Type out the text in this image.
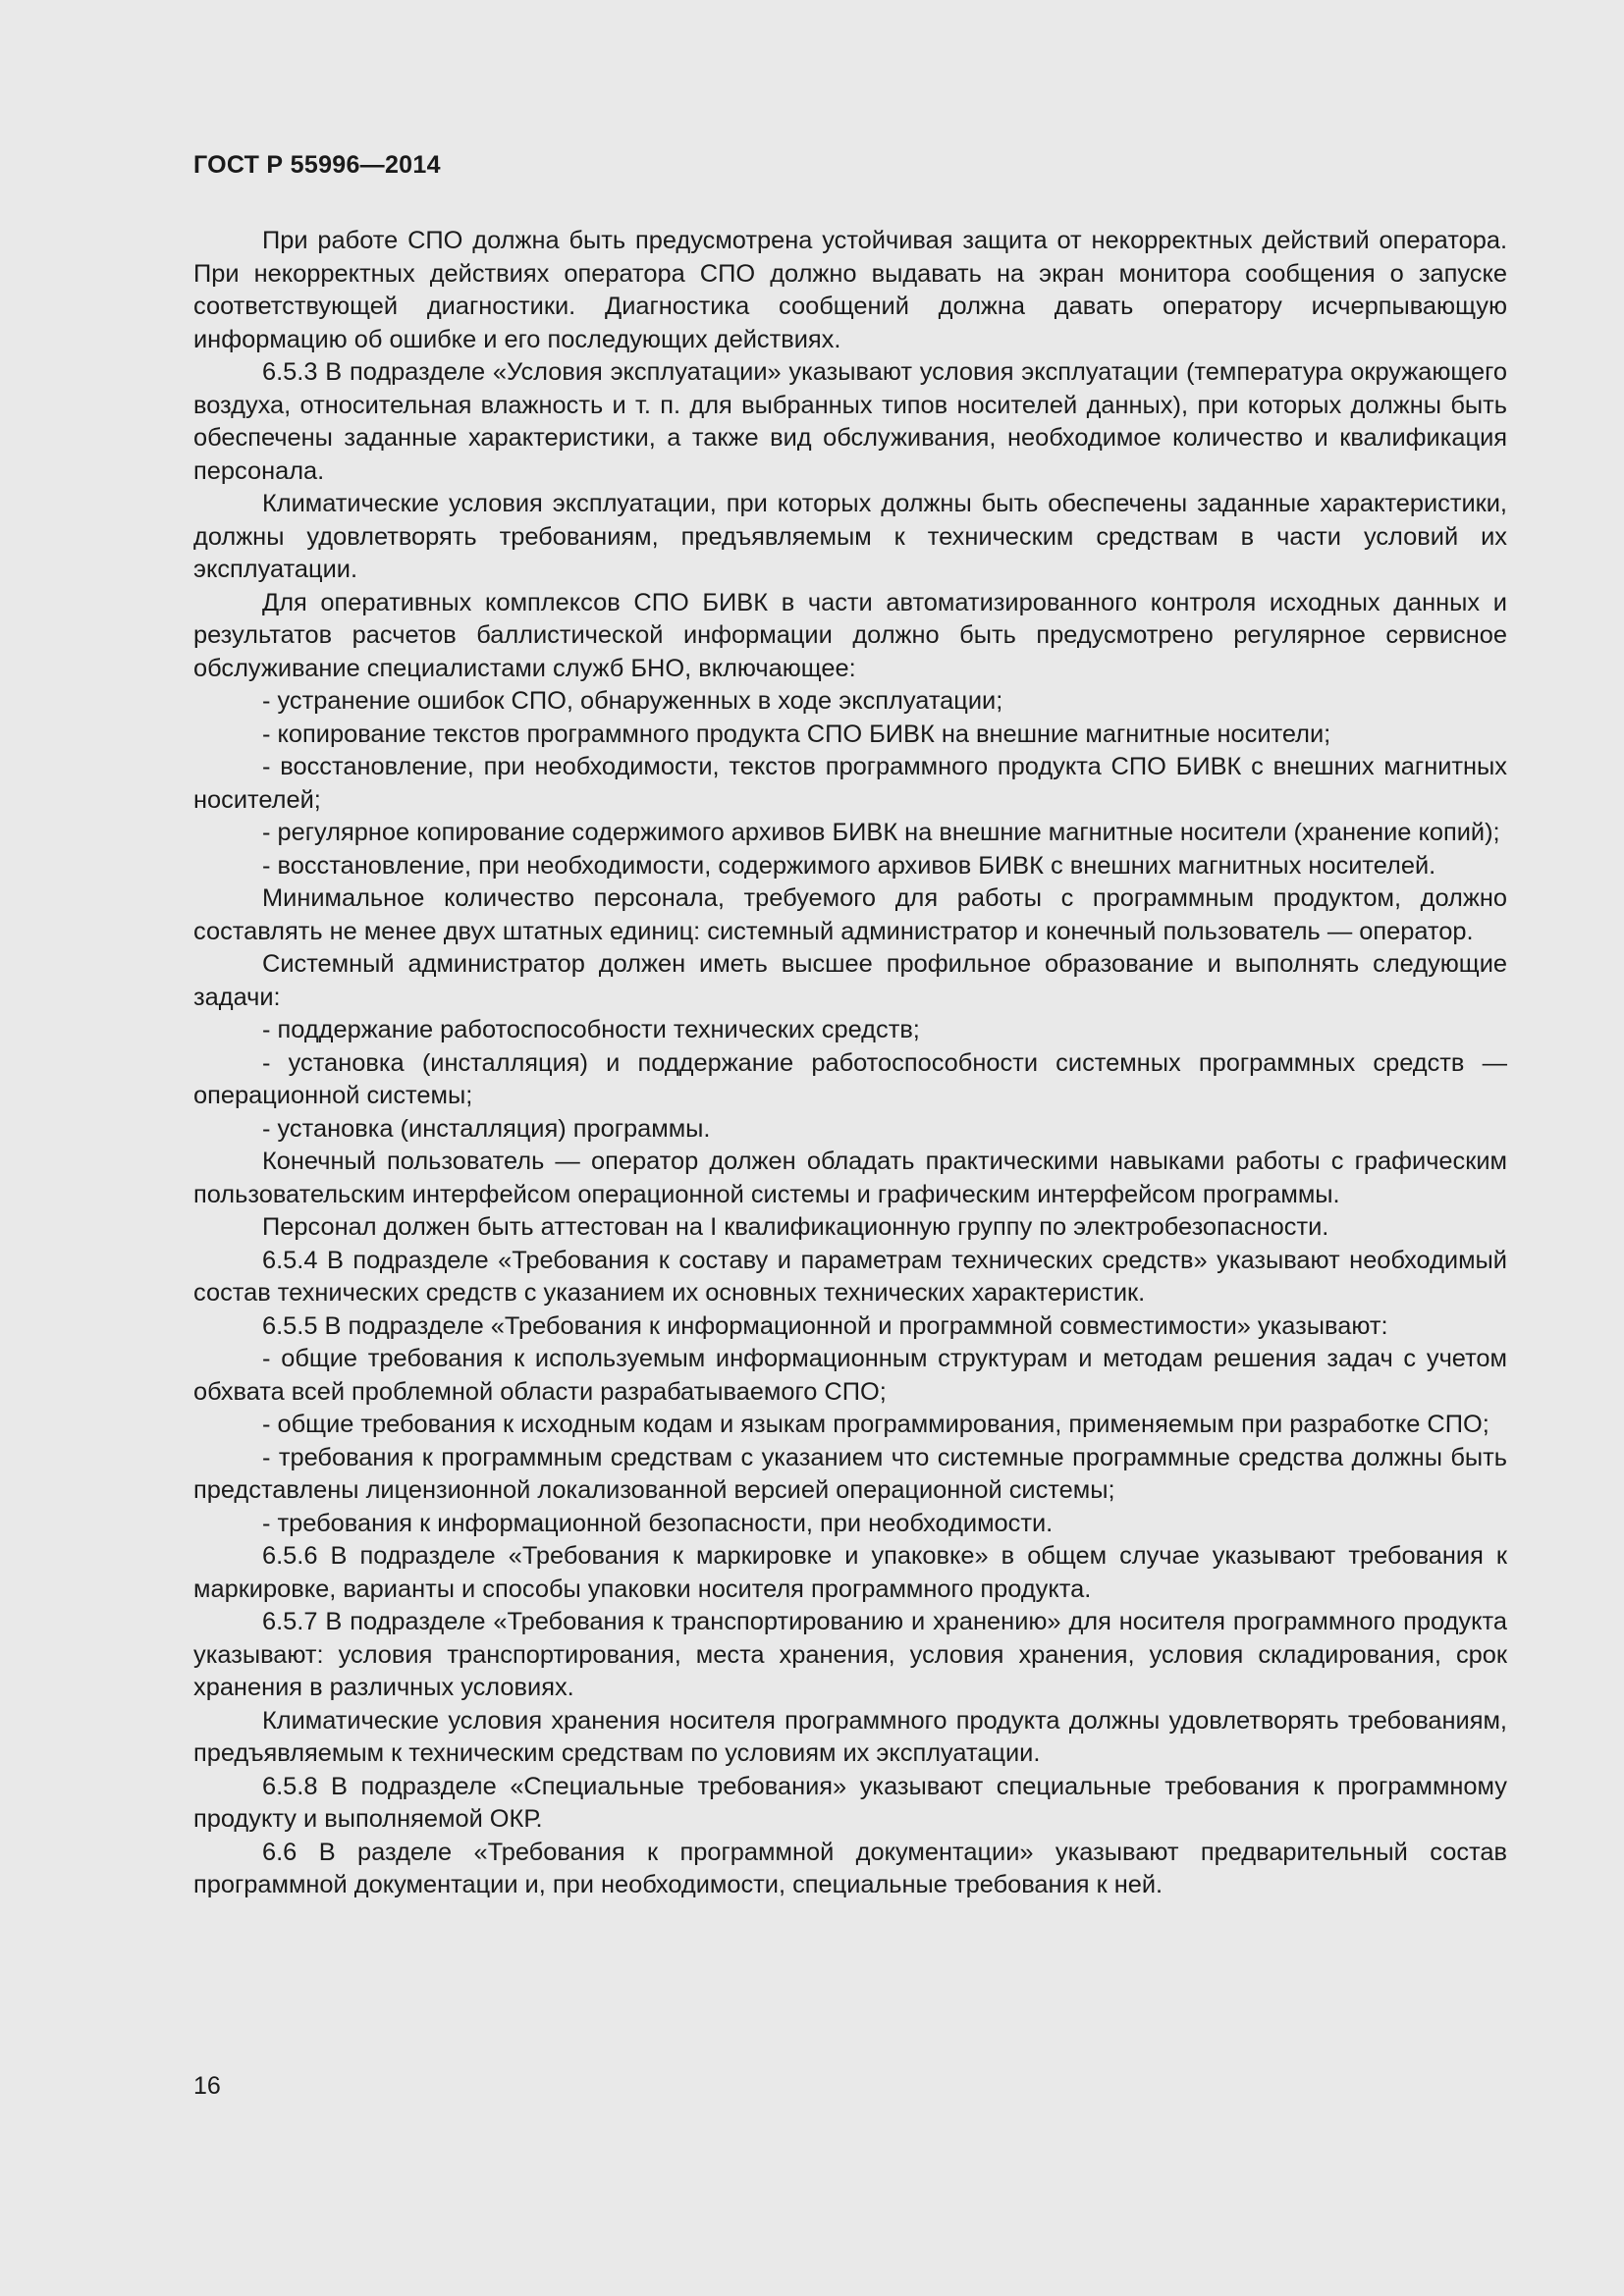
ГОСТ Р 55996—2014

При работе СПО должна быть предусмотрена устойчивая защита от некорректных действий оператора. При некорректных действиях оператора СПО должно выдавать на экран монитора сообщения о запуске соответствующей диагностики. Диагностика сообщений должна давать оператору исчерпывающую информацию об ошибке и его последующих действиях.

6.5.3 В подразделе «Условия эксплуатации» указывают условия эксплуатации (температура окружающего воздуха, относительная влажность и т. п. для выбранных типов носителей данных), при которых должны быть обеспечены заданные характеристики, а также вид обслуживания, необходимое количество и квалификация персонала.

Климатические условия эксплуатации, при которых должны быть обеспечены заданные характеристики, должны удовлетворять требованиям, предъявляемым к техническим средствам в части условий их эксплуатации.

Для оперативных комплексов СПО БИВК в части автоматизированного контроля исходных данных и результатов расчетов баллистической информации должно быть предусмотрено регулярное сервисное обслуживание специалистами служб БНО, включающее:

- устранение ошибок СПО, обнаруженных в ходе эксплуатации;

- копирование текстов программного продукта СПО БИВК на внешние магнитные носители;

- восстановление, при необходимости, текстов программного продукта СПО БИВК с внешних магнитных носителей;

- регулярное копирование содержимого архивов БИВК на внешние магнитные носители (хранение копий);

- восстановление, при необходимости, содержимого архивов БИВК с внешних магнитных носителей.

Минимальное количество персонала, требуемого для работы с программным продуктом, должно составлять не менее двух штатных единиц: системный администратор и конечный пользователь — оператор.

Системный администратор должен иметь высшее профильное образование и выполнять следующие задачи:

- поддержание работоспособности технических средств;

- установка (инсталляция) и поддержание работоспособности системных программных средств — операционной системы;

- установка (инсталляция) программы.

Конечный пользователь — оператор должен обладать практическими навыками работы с графическим пользовательским интерфейсом операционной системы и графическим интерфейсом программы.

Персонал должен быть аттестован на I квалификационную группу по электробезопасности.

6.5.4 В подразделе «Требования к составу и параметрам технических средств» указывают необходимый состав технических средств с указанием их основных технических характеристик.

6.5.5 В подразделе «Требования к информационной и программной совместимости» указывают:

- общие требования к используемым информационным структурам и методам решения задач с учетом обхвата всей проблемной области разрабатываемого СПО;

- общие требования к исходным кодам и языкам программирования, применяемым при разработке СПО;

- требования к программным средствам с указанием что системные программные средства должны быть представлены лицензионной локализованной версией операционной системы;

- требования к информационной безопасности, при необходимости.

6.5.6 В подразделе «Требования к маркировке и упаковке» в общем случае указывают требования к маркировке, варианты и способы упаковки носителя программного продукта.

6.5.7 В подразделе «Требования к транспортированию и хранению» для носителя программного продукта указывают: условия транспортирования, места хранения, условия хранения, условия складирования, срок хранения в различных условиях.

Климатические условия хранения носителя программного продукта должны удовлетворять требованиям, предъявляемым к техническим средствам по условиям их эксплуатации.

6.5.8 В подразделе «Специальные требования» указывают специальные требования к программному продукту и выполняемой ОКР.

6.6 В разделе «Требования к программной документации» указывают предварительный состав программной документации и, при необходимости, специальные требования к ней.

16
